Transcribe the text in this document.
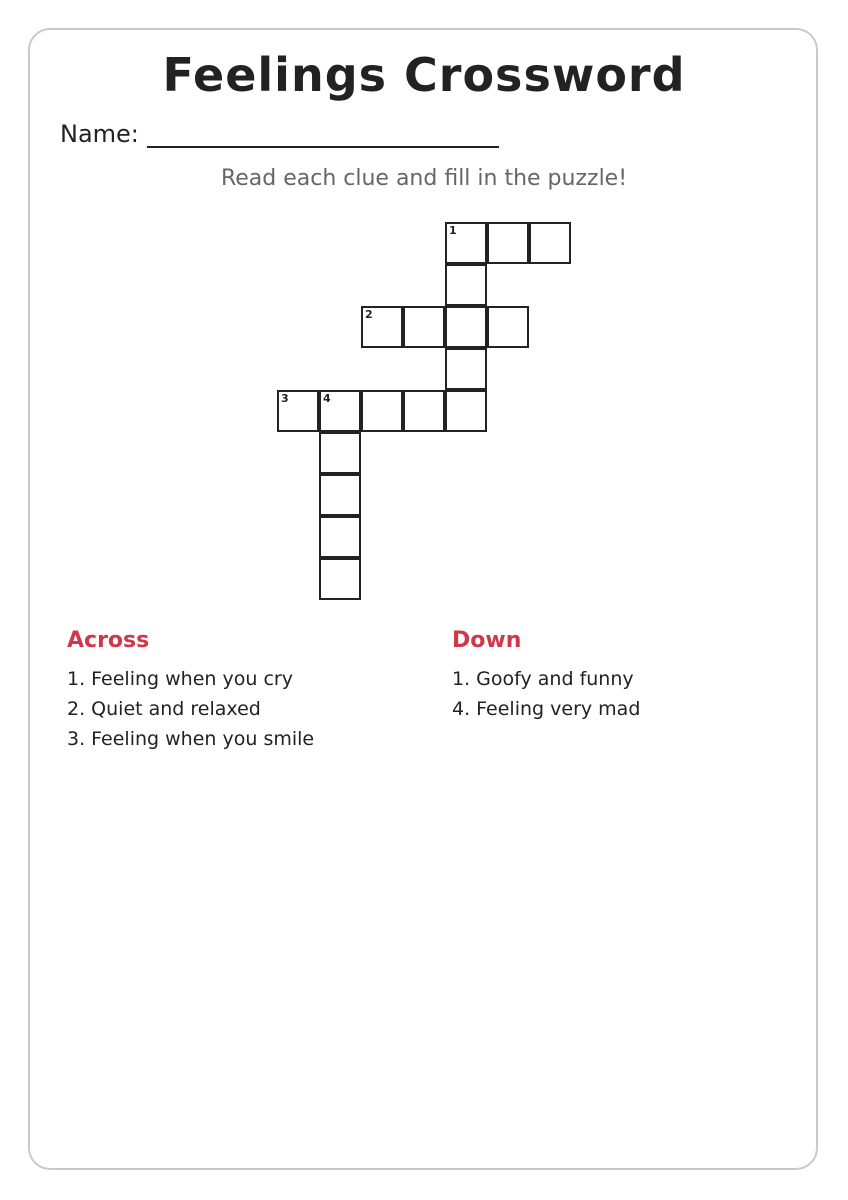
Feelings Crossword
Name:
Read each clue and fill in the puzzle!
1
2
3	4
Across
1. Feeling when you cry
2. Quiet and relaxed
3. Feeling when you smile
Down
1. Goofy and funny
4. Feeling very mad
